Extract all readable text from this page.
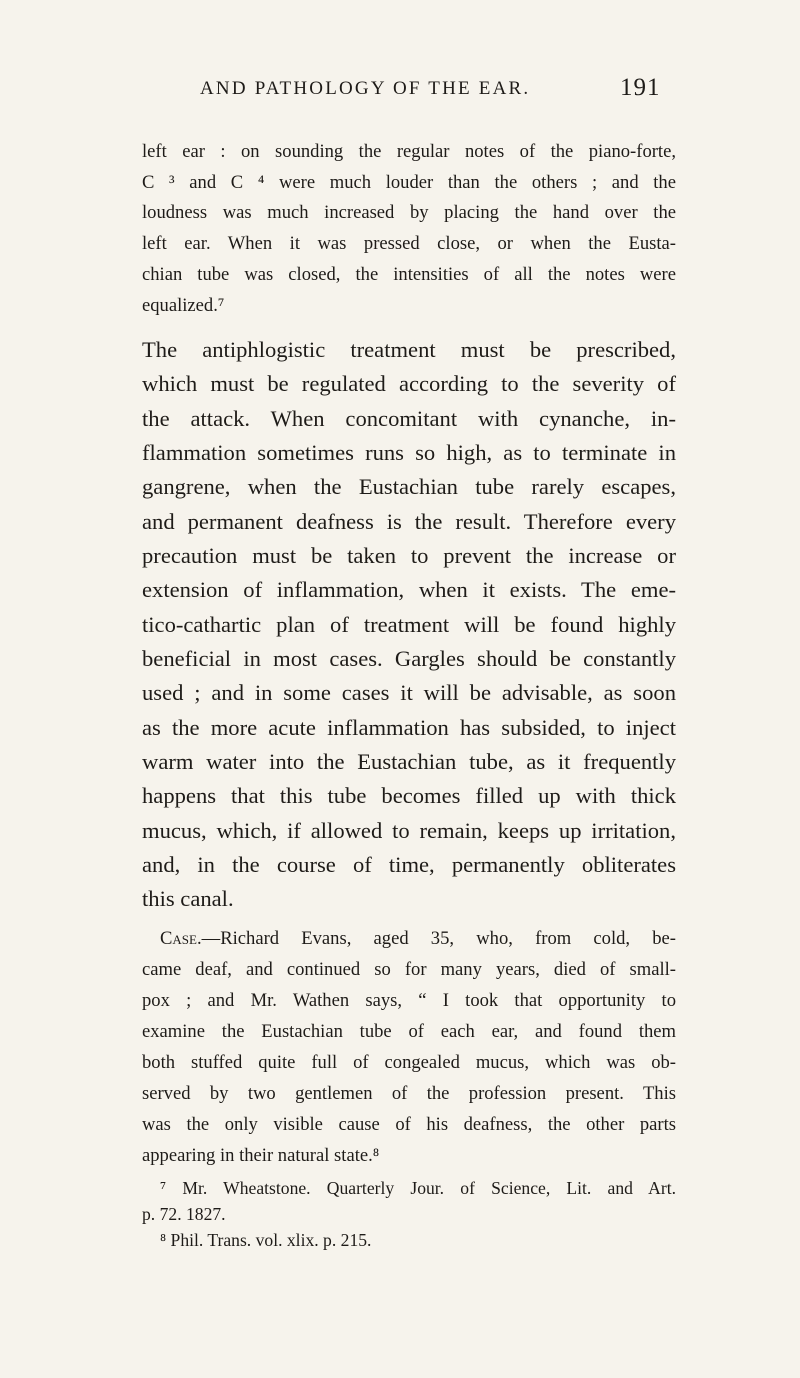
AND PATHOLOGY OF THE EAR.	191
left ear : on sounding the regular notes of the piano-forte,
C ³ and C ⁴ were much louder than the others ; and the
loudness was much increased by placing the hand over the
left ear. When it was pressed close, or when the Eusta-
chian tube was closed, the intensities of all the notes were
equalized.⁷
The antiphlogistic treatment must be prescribed,
which must be regulated according to the severity of
the attack. When concomitant with cynanche, in-
flammation sometimes runs so high, as to terminate in
gangrene, when the Eustachian tube rarely escapes,
and permanent deafness is the result. Therefore every
precaution must be taken to prevent the increase or
extension of inflammation, when it exists. The eme-
tico-cathartic plan of treatment will be found highly
beneficial in most cases. Gargles should be constantly
used ; and in some cases it will be advisable, as soon
as the more acute inflammation has subsided, to inject
warm water into the Eustachian tube, as it frequently
happens that this tube becomes filled up with thick
mucus, which, if allowed to remain, keeps up irritation,
and, in the course of time, permanently obliterates
this canal.
Case.—Richard Evans, aged 35, who, from cold, be-
came deaf, and continued so for many years, died of small-
pox ; and Mr. Wathen says, “ I took that opportunity to
examine the Eustachian tube of each ear, and found them
both stuffed quite full of congealed mucus, which was ob-
served by two gentlemen of the profession present. This
was the only visible cause of his deafness, the other parts
appearing in their natural state.⁸
⁷ Mr. Wheatstone. Quarterly Jour. of Science, Lit. and Art.
p. 72. 1827.
⁸ Phil. Trans. vol. xlix. p. 215.
